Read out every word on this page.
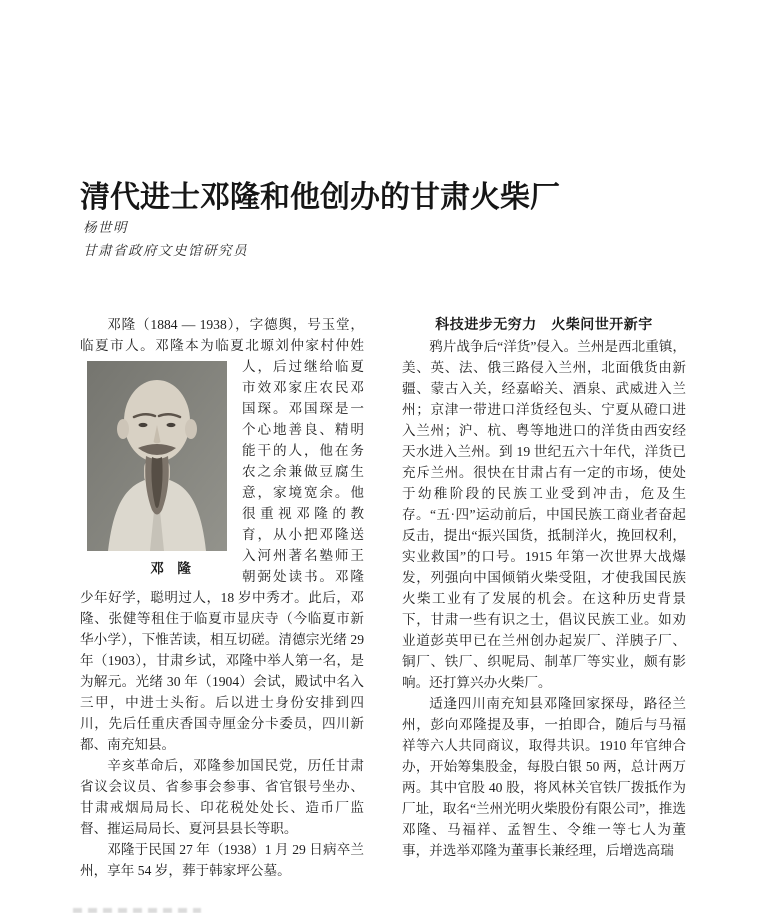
清代进士邓隆和他创办的甘肃火柴厂
杨世明
甘肃省政府文史馆研究员

邓隆（1884 — 1938），字德舆，号玉堂，临夏市人。邓隆本为临夏北塬刘仲家村仲姓人，后
邓　隆
过继给临夏市效邓家庄农民邓国琛。邓国琛是一个心地善良、精明能干的人，他在务农之余兼做豆腐生意，家境宽余。他很重视邓隆的教育，从小把邓隆送入河州著名塾师王朝弼处读书。邓隆少年好学，聪明过人，18 岁中秀才。此后，邓隆、张健等租住于临夏市显庆寺（今临夏市新华小学），下惟苦读，相互切磋。清德宗光绪 29 年（1903），甘肃乡试，邓隆中举人第一名，是为解元。光绪 30 年（1904）会试，殿试中名入三甲，中进士头衔。后以进士身份安排到四川，先后任重庆香国寺厘金分卡委员，四川新都、南充知县。

辛亥革命后，邓隆参加国民党，历任甘肃省议会议员、省参事会参事、省官银号坐办、甘肃戒烟局局长、印花税处处长、造币厂监督、摧运局局长、夏河县县长等职。

邓隆于民国 27 年（1938）1 月 29 日病卒兰州，享年 54 岁，葬于韩家坪公墓。

科技进步无穷力　火柴问世开新宇

鸦片战争后“洋货”侵入。兰州是西北重镇，美、英、法、俄三路侵入兰州，北面俄货由新疆、蒙古入关，经嘉峪关、酒泉、武威进入兰州；京津一带进口洋货经包头、宁夏从磴口进入兰州；沪、杭、粤等地进口的洋货由西安经天水进入兰州。到 19 世纪五六十年代，洋货已充斥兰州。很快在甘肃占有一定的市场，使处于幼稚阶段的民族工业受到冲击，危及生存。“五·四”运动前后，中国民族工商业者奋起反击，提出“振兴国货，抵制洋火，挽回权利，实业救国”的口号。1915 年第一次世界大战爆发，列强向中国倾销火柴受阻，才使我国民族火柴工业有了发展的机会。在这种历史背景下，甘肃一些有识之士，倡议民族工业。如劝业道彭英甲已在兰州创办起炭厂、洋胰子厂、铜厂、铁厂、织呢局、制革厂等实业，颇有影响。还打算兴办火柴厂。

适逢四川南充知县邓隆回家探母，路径兰州，彭向邓隆提及事，一拍即合，随后与马福祥等六人共同商议，取得共识。1910 年官绅合办，开始筹集股金，每股白银 50 两，总计两万两。其中官股 40 股，将风林关官铁厂拨抵作为厂址，取名“兰州光明火柴股份有限公司”，推选邓隆、马福祥、孟智生、令维一等七人为董事，并选举邓隆为董事长兼经理，后增选高瑞
